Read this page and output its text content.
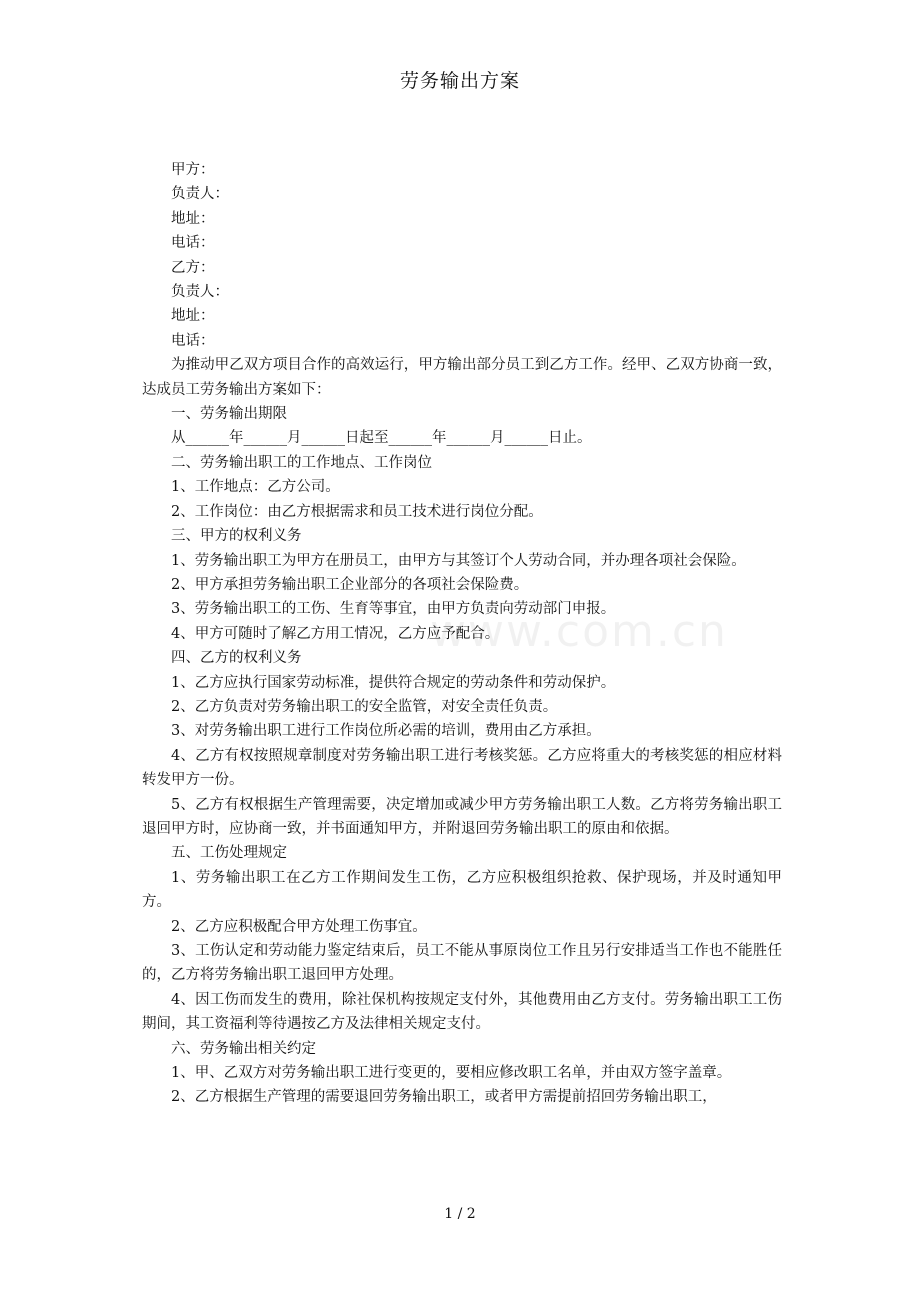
劳务输出方案

甲方：

负责人：

地址：

电话：

乙方：

负责人：

地址：

电话：

为推动甲乙双方项目合作的高效运行，甲方输出部分员工到乙方工作。经甲、乙双方协商一致，达成员工劳务输出方案如下：

一、劳务输出期限

从______年______月______日起至______年______月______日止。

二、劳务输出职工的工作地点、工作岗位

1、工作地点：乙方公司。

2、工作岗位：由乙方根据需求和员工技术进行岗位分配。

三、甲方的权利义务

1、劳务输出职工为甲方在册员工，由甲方与其签订个人劳动合同，并办理各项社会保险。

2、甲方承担劳务输出职工企业部分的各项社会保险费。

3、劳务输出职工的工伤、生育等事宜，由甲方负责向劳动部门申报。

4、甲方可随时了解乙方用工情况，乙方应予配合。

四、乙方的权利义务

1、乙方应执行国家劳动标准，提供符合规定的劳动条件和劳动保护。

2、乙方负责对劳务输出职工的安全监管，对安全责任负责。

3、对劳务输出职工进行工作岗位所必需的培训，费用由乙方承担。

4、乙方有权按照规章制度对劳务输出职工进行考核奖惩。乙方应将重大的考核奖惩的相应材料转发甲方一份。

5、乙方有权根据生产管理需要，决定增加或减少甲方劳务输出职工人数。乙方将劳务输出职工退回甲方时，应协商一致，并书面通知甲方，并附退回劳务输出职工的原由和依据。

五、工伤处理规定

1、劳务输出职工在乙方工作期间发生工伤，乙方应积极组织抢救、保护现场，并及时通知甲方。

2、乙方应积极配合甲方处理工伤事宜。

3、工伤认定和劳动能力鉴定结束后，员工不能从事原岗位工作且另行安排适当工作也不能胜任的，乙方将劳务输出职工退回甲方处理。

4、因工伤而发生的费用，除社保机构按规定支付外，其他费用由乙方支付。劳务输出职工工伤期间，其工资福利等待遇按乙方及法律相关规定支付。

六、劳务输出相关约定

1、甲、乙双方对劳务输出职工进行变更的，要相应修改职工名单，并由双方签字盖章。

2、乙方根据生产管理的需要退回劳务输出职工，或者甲方需提前招回劳务输出职工，

www.com.cn
1 / 2
